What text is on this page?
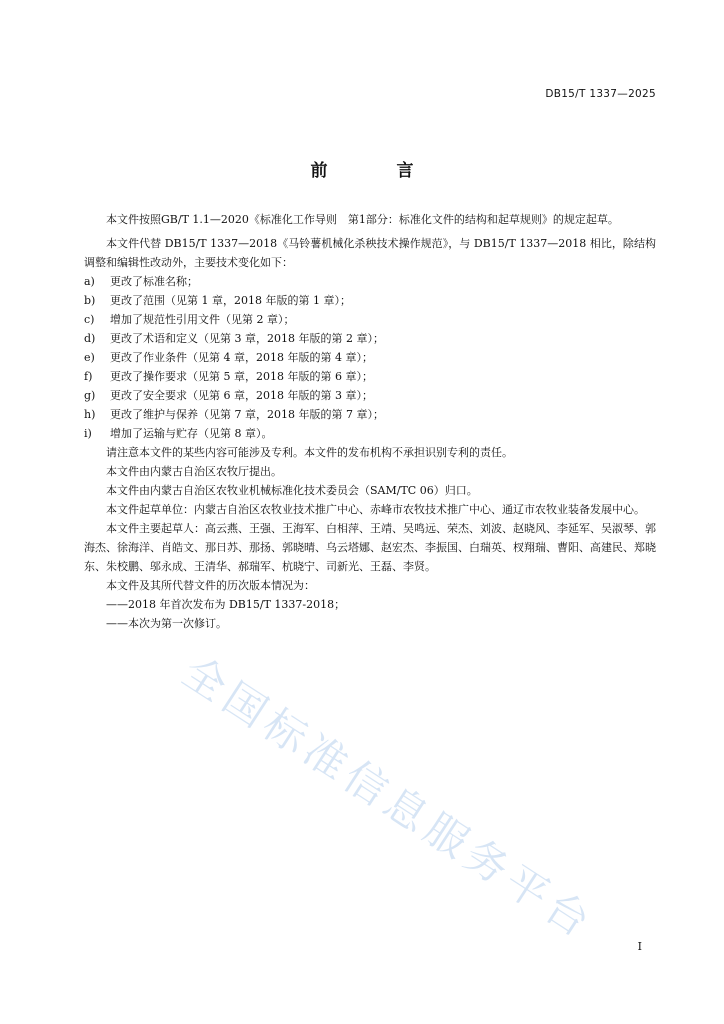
DB15/T 1337—2025
前　言

本文件按照GB/T 1.1—2020《标准化工作导则　第1部分：标准化文件的结构和起草规则》的规定起草。

本文件代替 DB15/T 1337—2018《马铃薯机械化杀秧技术操作规范》，与 DB15/T 1337—2018 相比，除结构调整和编辑性改动外，主要技术变化如下：

a) 更改了标准名称；

b) 更改了范围（见第 1 章，2018 年版的第 1 章）；

c) 增加了规范性引用文件（见第 2 章）；

d) 更改了术语和定义（见第 3 章，2018 年版的第 2 章）；

e) 更改了作业条件（见第 4 章，2018 年版的第 4 章）；

f) 更改了操作要求（见第 5 章，2018 年版的第 6 章）；

g) 更改了安全要求（见第 6 章，2018 年版的第 3 章）；

h) 更改了维护与保养（见第 7 章，2018 年版的第 7 章）；

i) 增加了运输与贮存（见第 8 章）。

请注意本文件的某些内容可能涉及专利。本文件的发布机构不承担识别专利的责任。

本文件由内蒙古自治区农牧厅提出。

本文件由内蒙古自治区农牧业机械标准化技术委员会（SAM/TC 06）归口。

本文件起草单位：内蒙古自治区农牧业技术推广中心、赤峰市农牧技术推广中心、通辽市农牧业装备发展中心。

本文件主要起草人：高云燕、王强、王海军、白相萍、王靖、吴鸣远、荣杰、刘波、赵晓风、李延军、吴淑琴、郭海杰、徐海洋、肖皓文、那日苏、那扬、郭晓晴、乌云塔娜、赵宏杰、李振国、白瑞英、杈翔瑞、曹阳、高建民、郑晓东、朱校鹏、邬永成、王清华、郝瑞军、杭晓宁、司新光、王磊、李贤。

本文件及其所代替文件的历次版本情况为：

——2018 年首次发布为 DB15/T 1337-2018；

——本次为第一次修订。

全国标准信息服务平台	I
